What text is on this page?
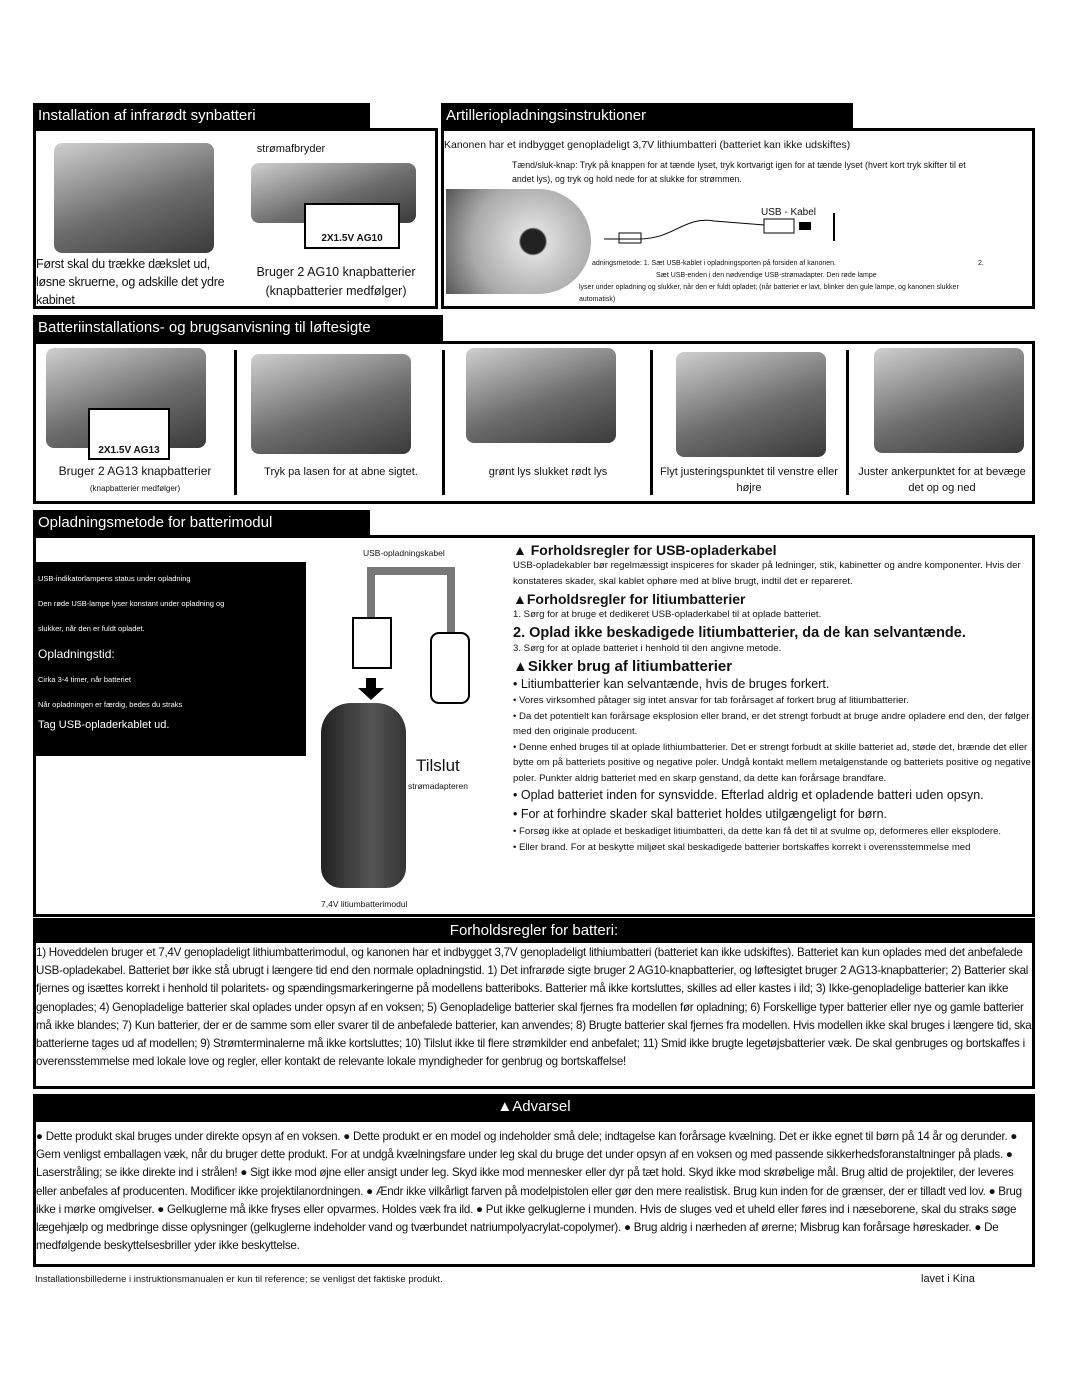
Installation af infrarødt synbatteri
strømafbryder
2X1.5V AG10
Først skal du trække dækslet ud, løsne skruerne, og adskille det ydre kabinet
Bruger 2 AG10 knapbatterier (knapbatterier medfølger)
Artilleriopladningsinstruktioner
Kanonen har et indbygget genopladeligt 3,7V lithiumbatteri (batteriet kan ikke udskiftes)
Tænd/sluk-knap: Tryk på knappen for at tænde lyset, tryk kortvarigt igen for at tænde lyset (hvert kort tryk skifter til et andet lys), og tryk og hold nede for at slukke for strømmen.
USB - Kabel
adningsmetode: 1. Sæt USB-kablet i opladningsporten på forsiden af kanonen.	2.
Sæt USB-enden i den nødvendige USB-strømadapter. Den røde lampe
lyser under opladning og slukker, når den er fuldt opladet; (når batteriet er lavt, blinker den gule lampe, og kanonen slukker automatisk)
Batteriinstallations- og brugsanvisning til løftesigte
2X1.5V AG13
Bruger 2 AG13 knapbatterier
(knapbatterier medfølger)
Tryk pa lasen for at abne sigtet.	grønt lys slukket rødt lys	Flyt justeringspunktet til venstre eller højre
Juster ankerpunktet for at bevæge det op og ned
Opladningsmetode for batterimodul
USB-indikatorlampens status under opladning
Den røde USB-lampe lyser konstant under opladning og
slukker, når den er fuldt opladet.
Opladningstid:
Cirka 3-4 timer, når batteriet
Når opladningen er færdig, bedes du straks
Tag USB-opladerkablet ud.
USB-opladningskabel
Tilslut
strømadapteren
7,4V litiumbatterimodul
▲ Forholdsregler for USB-opladerkabel

USB-opladekabler bør regelmæssigt inspiceres for skader på ledninger, stik, kabinetter og andre komponenter. Hvis der konstateres skader, skal kablet ophøre med at blive brugt, indtil det er repareret.

▲Forholdsregler for litiumbatterier

1. Sørg for at bruge et dedikeret USB-opladerkabel til at oplade batteriet.

2. Oplad ikke beskadigede litiumbatterier, da de kan selvantænde.

3. Sørg for at oplade batteriet i henhold til den angivne metode.

▲Sikker brug af litiumbatterier

• Litiumbatterier kan selvantænde, hvis de bruges forkert.

• Vores virksomhed påtager sig intet ansvar for tab forårsaget af forkert brug af litiumbatterier.

• Da det potentielt kan forårsage eksplosion eller brand, er det strengt forbudt at bruge andre opladere end den, der følger med den originale producent.

• Denne enhed bruges til at oplade lithiumbatterier. Det er strengt forbudt at skille batteriet ad, støde det, brænde det eller bytte om på batteriets positive og negative poler. Undgå kontakt mellem metalgenstande og batteriets positive og negative poler. Punkter aldrig batteriet med en skarp genstand, da dette kan forårsage brandfare.

• Oplad batteriet inden for synsvidde. Efterlad aldrig et opladende batteri uden opsyn.

• For at forhindre skader skal batteriet holdes utilgængeligt for børn.

• Forsøg ikke at oplade et beskadiget litiumbatteri, da dette kan få det til at svulme op, deformeres eller eksplodere.

• Eller brand. For at beskytte miljøet skal beskadigede batterier bortskaffes korrekt i overensstemmelse med

Forholdsregler for batteri:
1) Hoveddelen bruger et 7,4V genopladeligt lithiumbatterimodul, og kanonen har et indbygget 3,7V genopladeligt lithiumbatteri (batteriet kan ikke udskiftes). Batteriet kan kun oplades med det anbefalede USB-opladekabel. Batteriet bør ikke stå ubrugt i længere tid end den normale opladningstid. 1) Det infrarøde sigte bruger 2 AG10-knapbatterier, og løftesigtet bruger 2 AG13-knapbatterier; 2) Batterier skal fjernes og isættes korrekt i henhold til polaritets- og spændingsmarkeringerne på modellens batteriboks. Batterier må ikke kortsluttes, skilles ad eller kastes i ild; 3) Ikke-genopladelige batterier kan ikke genoplades; 4) Genopladelige batterier skal oplades under opsyn af en voksen; 5) Genopladelige batterier skal fjernes fra modellen før opladning; 6) Forskellige typer batterier eller nye og gamle batterier må ikke blandes; 7) Kun batterier, der er de samme som eller svarer til de anbefalede batterier, kan anvendes; 8) Brugte batterier skal fjernes fra modellen. Hvis modellen ikke skal bruges i længere tid, skal batterierne tages ud af modellen; 9) Strømterminalerne må ikke kortsluttes; 10) Tilslut ikke til flere strømkilder end anbefalet; 11) Smid ikke brugte legetøjsbatterier væk. De skal genbruges og bortskaffes i overensstemmelse med lokale love og regler, eller kontakt de relevante lokale myndigheder for genbrug og bortskaffelse!
▲Advarsel
● Dette produkt skal bruges under direkte opsyn af en voksen. ● Dette produkt er en model og indeholder små dele; indtagelse kan forårsage kvælning. Det er ikke egnet til børn på 14 år og derunder. ● Gem venligst emballagen væk, når du bruger dette produkt. For at undgå kvælningsfare under leg skal du bruge det under opsyn af en voksen og med passende sikkerhedsforanstaltninger på plads. ● Laserstråling; se ikke direkte ind i strålen! ● Sigt ikke mod øjne eller ansigt under leg. Skyd ikke mod mennesker eller dyr på tæt hold. Skyd ikke mod skrøbelige mål. Brug altid de projektiler, der leveres eller anbefales af producenten. Modificer ikke projektilanordningen. ● Ændr ikke vilkårligt farven på modelpistolen eller gør den mere realistisk. Brug kun inden for de grænser, der er tilladt ved lov. ● Brug ikke i mørke omgivelser. ● Gelkuglerne må ikke fryses eller opvarmes. Holdes væk fra ild. ● Put ikke gelkuglerne i munden. Hvis de sluges ved et uheld eller føres ind i næseborene, skal du straks søge lægehjælp og medbringe disse oplysninger (gelkuglerne indeholder vand og tværbundet natriumpolyacrylat-copolymer). ● Brug aldrig i nærheden af ørerne; Misbrug kan forårsage høreskader. ● De medfølgende beskyttelsesbriller yder ikke beskyttelse.
Installationsbillederne i instruktionsmanualen er kun til reference; se venligst det faktiske produkt.	lavet i Kina
